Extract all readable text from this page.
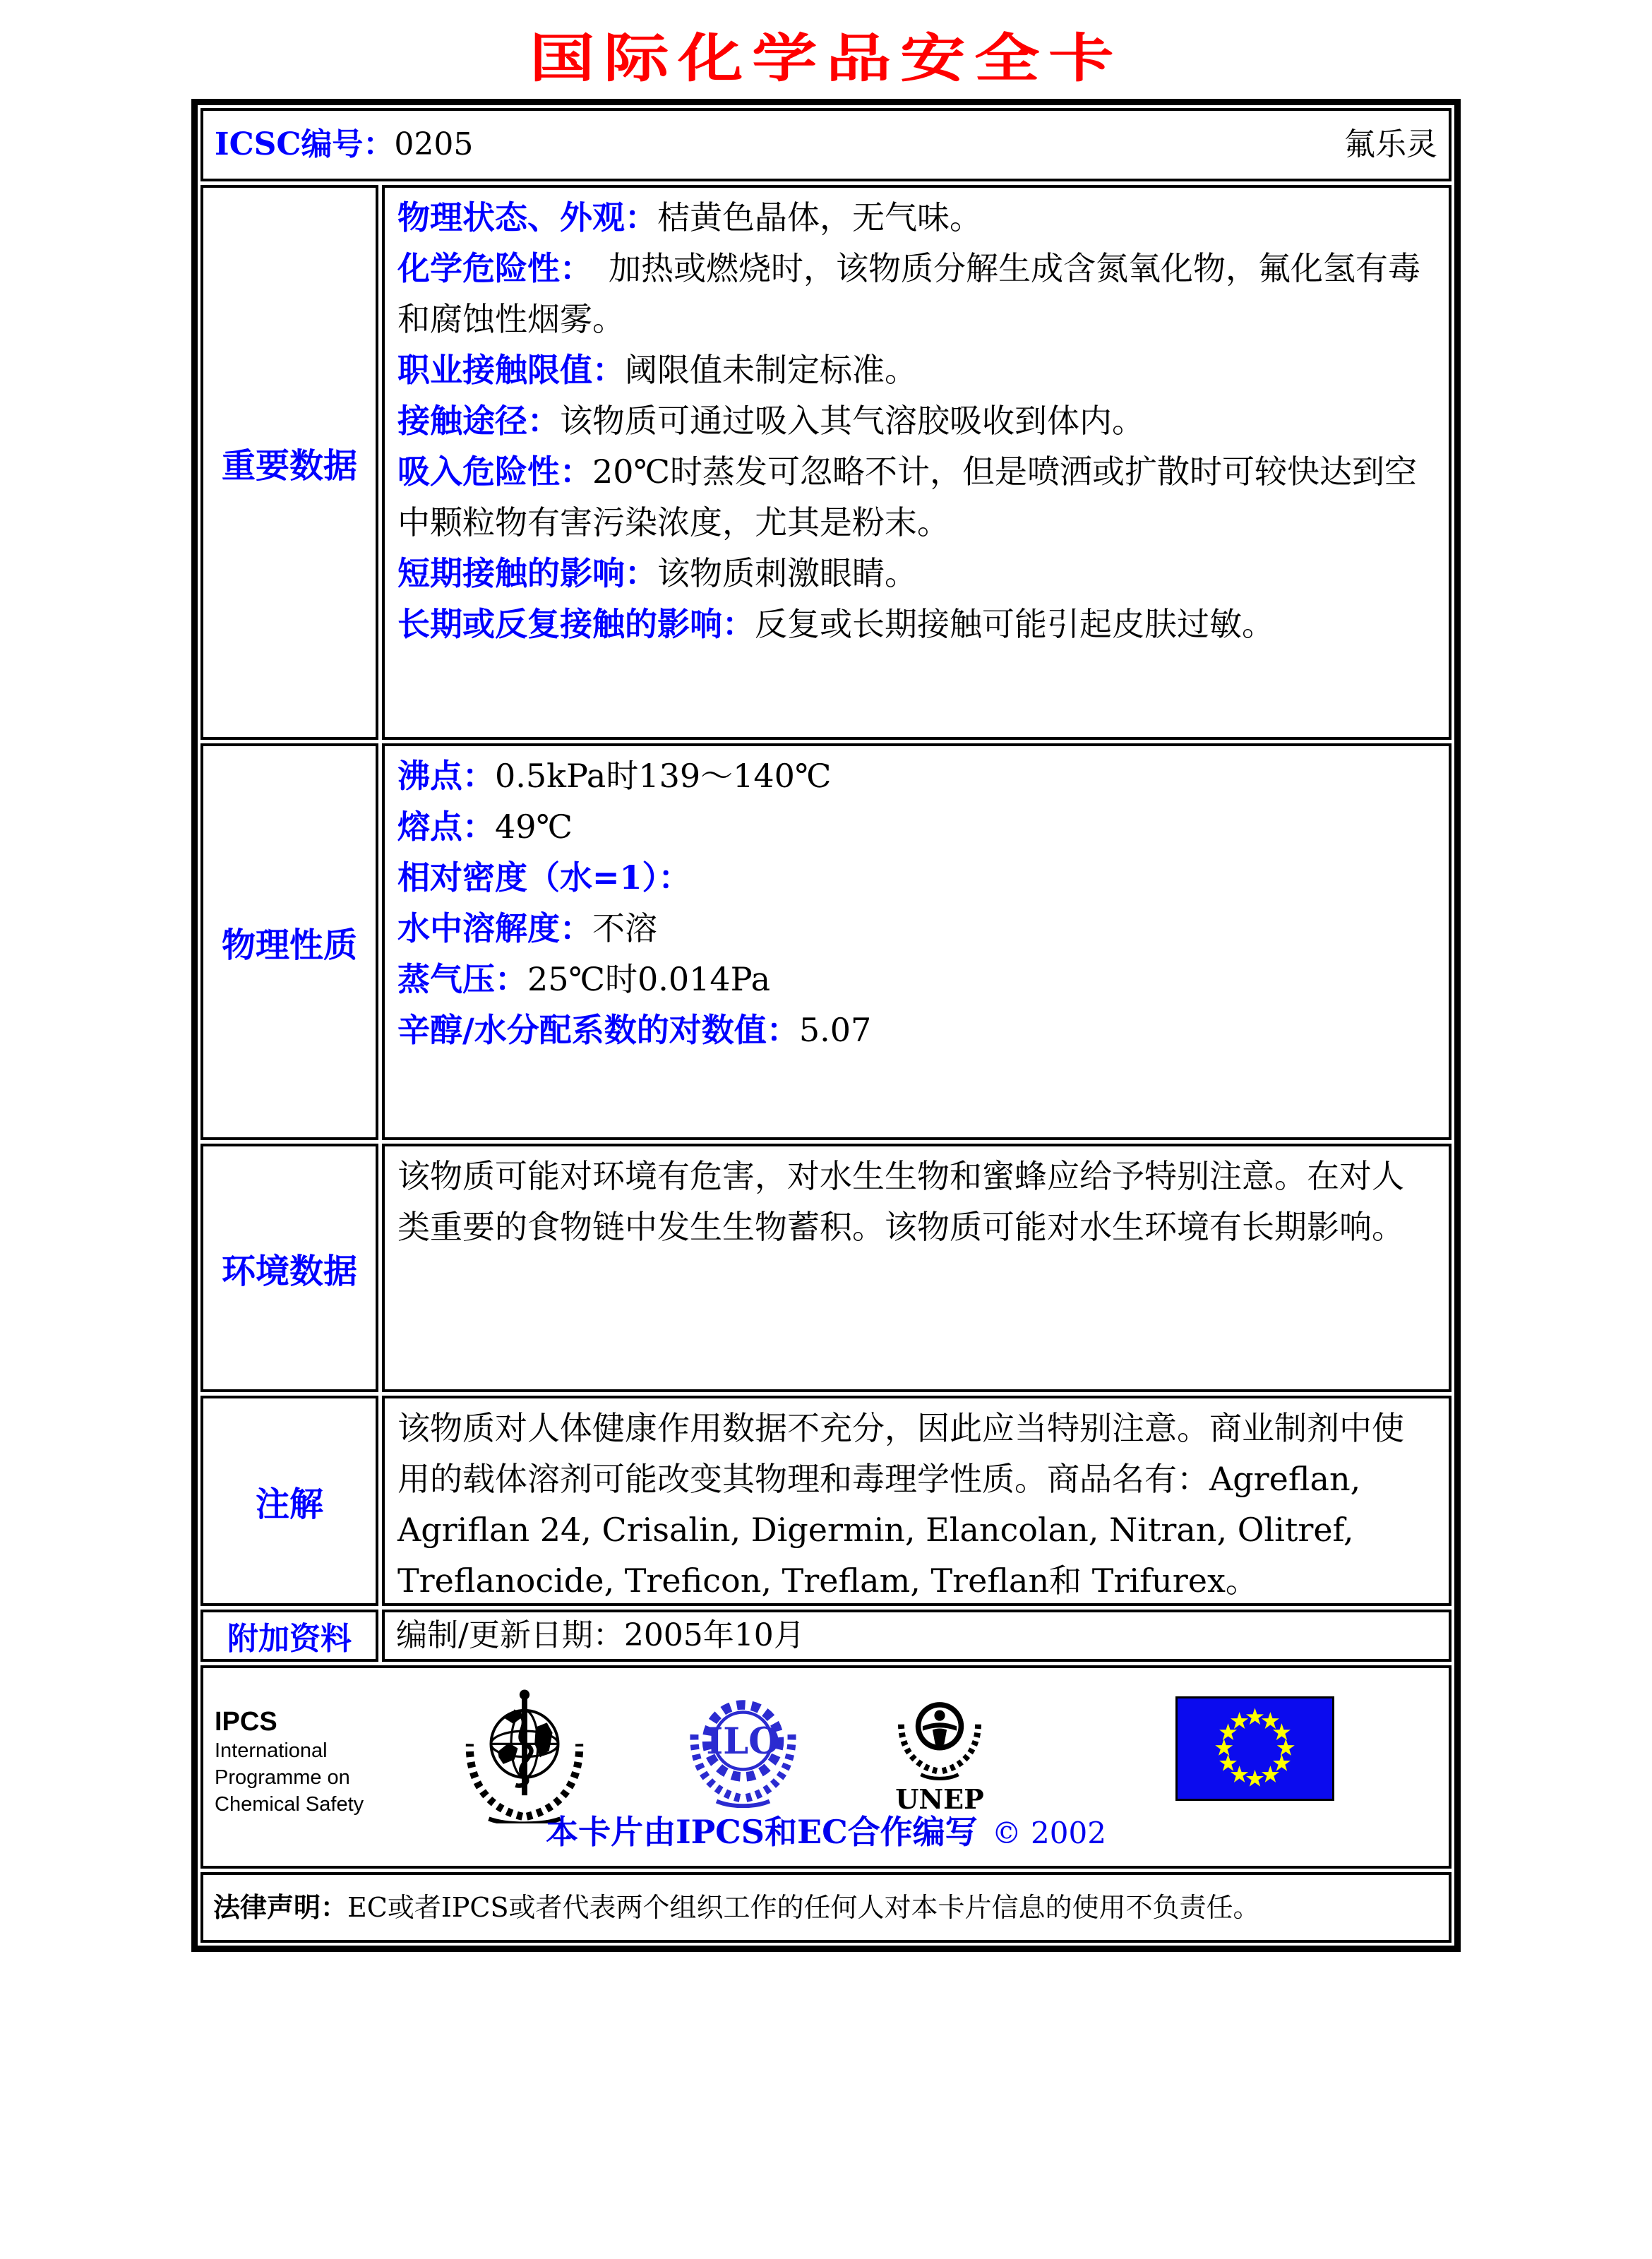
国际化学品安全卡
ICSC编号：0205	氟乐灵
重要数据
物理状态、外观：桔黄色晶体，无气味。
化学危险性：　加热或燃烧时，该物质分解生成含氮氧化物，氟化氢有毒和腐蚀性烟雾。
职业接触限值：阈限值未制定标准。
接触途径：该物质可通过吸入其气溶胶吸收到体内。
吸入危险性：20℃时蒸发可忽略不计，但是喷洒或扩散时可较快达到空中颗粒物有害污染浓度，尤其是粉末。
短期接触的影响：该物质刺激眼睛。
长期或反复接触的影响：反复或长期接触可能引起皮肤过敏。
物理性质
沸点：0.5kPa时139～140℃
熔点：49℃
相对密度（水=1）：
水中溶解度：不溶
蒸气压：25℃时0.014Pa
辛醇/水分配系数的对数值：5.07
环境数据
该物质可能对环境有危害，对水生生物和蜜蜂应给予特别注意。在对人类重要的食物链中发生生物蓄积。该物质可能对水生环境有长期影响。
注解
该物质对人体健康作用数据不充分，因此应当特别注意。商业制剂中使用的载体溶剂可能改变其物理和毒理学性质。商品名有：Agreflan, Agriflan 24, Crisalin, Digermin, Elancolan, Nitran, Olitref, Treflanocide, Treficon, Treflam, Treflan和 Trifurex。
附加资料 编制/更新日期：2005年10月
IPCS
International
Programme on
Chemical Safety
ILO
UNEP
本卡片由IPCS和EC合作编写 © 2002
法律声明：EC或者IPCS或者代表两个组织工作的任何人对本卡片信息的使用不负责任。
